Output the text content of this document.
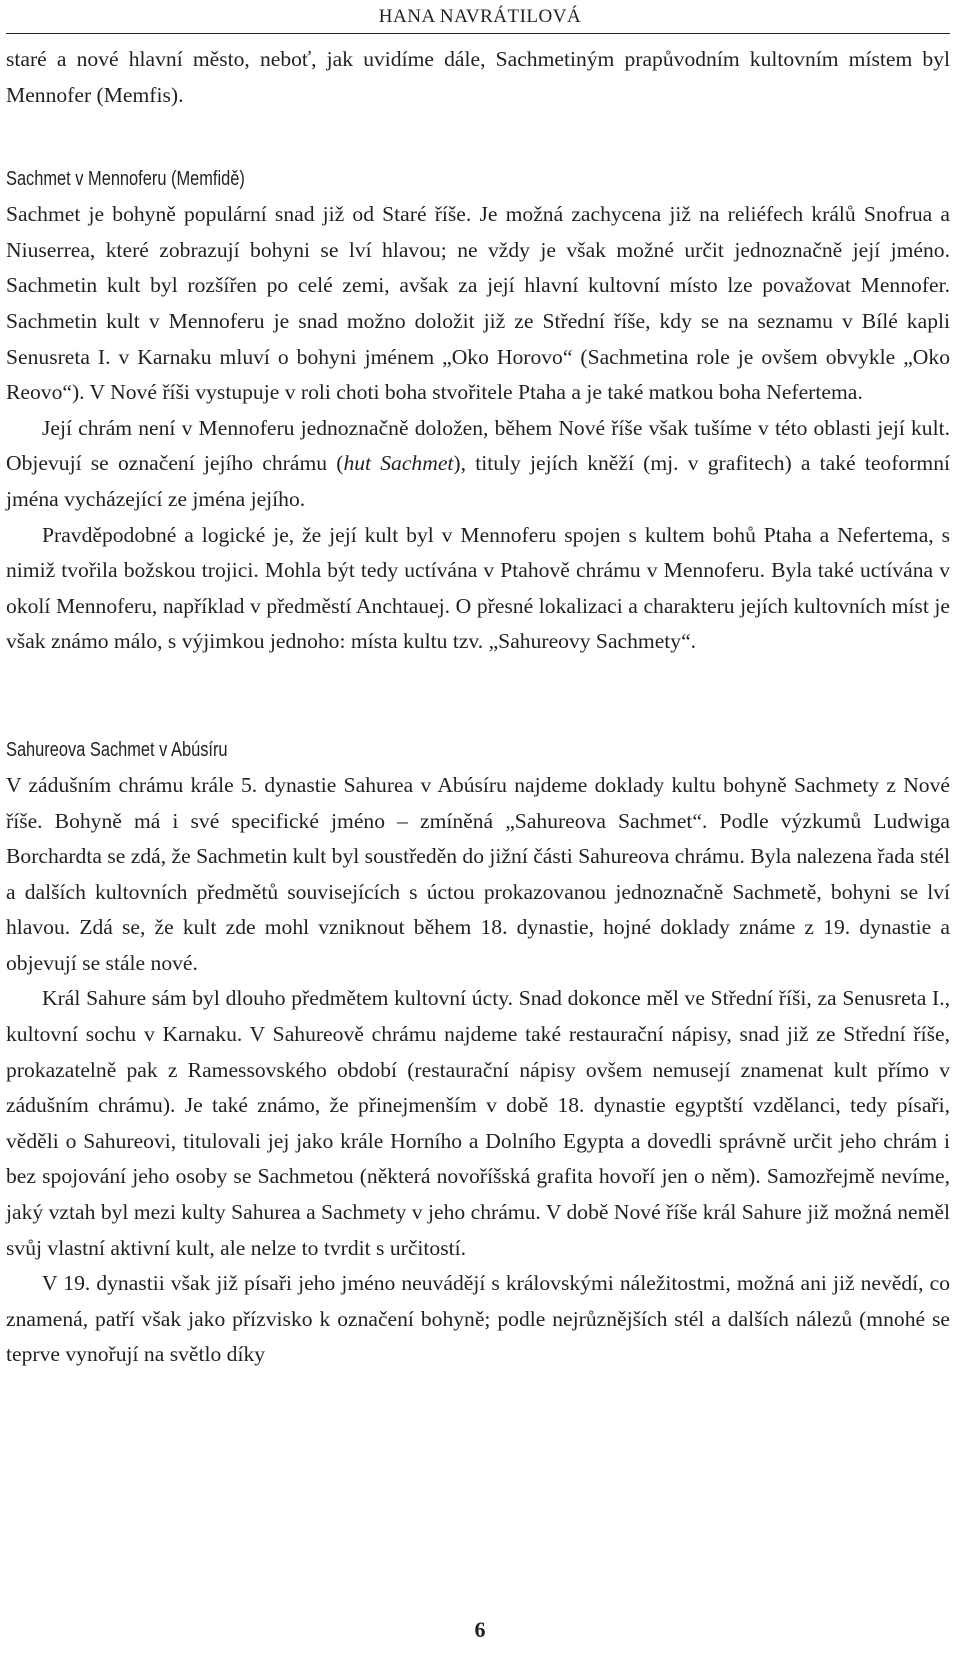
HANA NAVRÁTILOVÁ

staré a nové hlavní město, neboť, jak uvidíme dále, Sachmetiným prapůvodním kultovním místem byl Mennofer (Memfis).

Sachmet v Mennoferu (Memfidě)

Sachmet je bohyně populární snad již od Staré říše. Je možná zachycena již na reliéfech králů Snofrua a Niuserrea, které zobrazují bohyni se lví hlavou; ne vždy je však možné určit jednoznačně její jméno. Sachmetin kult byl rozšířen po celé zemi, avšak za její hlavní kultovní místo lze považovat Mennofer. Sachmetin kult v Mennoferu je snad možno doložit již ze Střední říše, kdy se na seznamu v Bílé kapli Senusreta I. v Karnaku mluví o bohyni jménem „Oko Horovo“ (Sachmetina role je ovšem obvykle „Oko Reovo“). V Nové říši vystupuje v roli choti boha stvořitele Ptaha a je také matkou boha Nefertema.

Její chrám není v Mennoferu jednoznačně doložen, během Nové říše však tušíme v této oblasti její kult. Objevují se označení jejího chrámu (hut Sachmet), tituly jejích kněží (mj. v grafitech) a také teoformní jména vycházející ze jména jejího.

Pravděpodobné a logické je, že její kult byl v Mennoferu spojen s kultem bohů Ptaha a Nefertema, s nimiž tvořila božskou trojici. Mohla být tedy uctívána v Ptahově chrámu v Mennoferu. Byla také uctívána v okolí Mennoferu, například v předměstí Anchtauej. O přesné lokalizaci a charakteru jejích kultovních míst je však známo málo, s výjimkou jednoho: místa kultu tzv. „Sahureovy Sachmety“.

Sahureova Sachmet v Abúsíru

V zádušním chrámu krále 5. dynastie Sahurea v Abúsíru najdeme doklady kultu bohyně Sachmety z Nové říše. Bohyně má i své specifické jméno – zmíněná „Sahureova Sachmet“. Podle výzkumů Ludwiga Borchardta se zdá, že Sachmetin kult byl soustředěn do jižní části Sahureova chrámu. Byla nalezena řada stél a dalších kultovních předmětů souvisejících s úctou prokazovanou jednoznačně Sachmetě, bohyni se lví hlavou. Zdá se, že kult zde mohl vzniknout během 18. dynastie, hojné doklady známe z 19. dynastie a objevují se stále nové.

Král Sahure sám byl dlouho předmětem kultovní úcty. Snad dokonce měl ve Střední říši, za Senusreta I., kultovní sochu v Karnaku. V Sahureově chrámu najdeme také restaurační nápisy, snad již ze Střední říše, prokazatelně pak z Ramessovského období (restaurační nápisy ovšem nemusejí znamenat kult přímo v zádušním chrámu). Je také známo, že přinejmenším v době 18. dynastie egyptští vzdělanci, tedy písaři, věděli o Sahureovi, titulovali jej jako krále Horního a Dolního Egypta a dovedli správně určit jeho chrám i bez spojování jeho osoby se Sachmetou (některá novoříšská grafita hovoří jen o něm). Samozřejmě nevíme, jaký vztah byl mezi kulty Sahurea a Sachmety v jeho chrámu. V době Nové říše král Sahure již možná neměl svůj vlastní aktivní kult, ale nelze to tvrdit s určitostí.

V 19. dynastii však již písaři jeho jméno neuvádějí s královskými náležitostmi, možná ani již nevědí, co znamená, patří však jako přízvisko k označení bohyně; podle nejrůznějších stél a dalších nálezů (mnohé se teprve vynořují na světlo díky

6
